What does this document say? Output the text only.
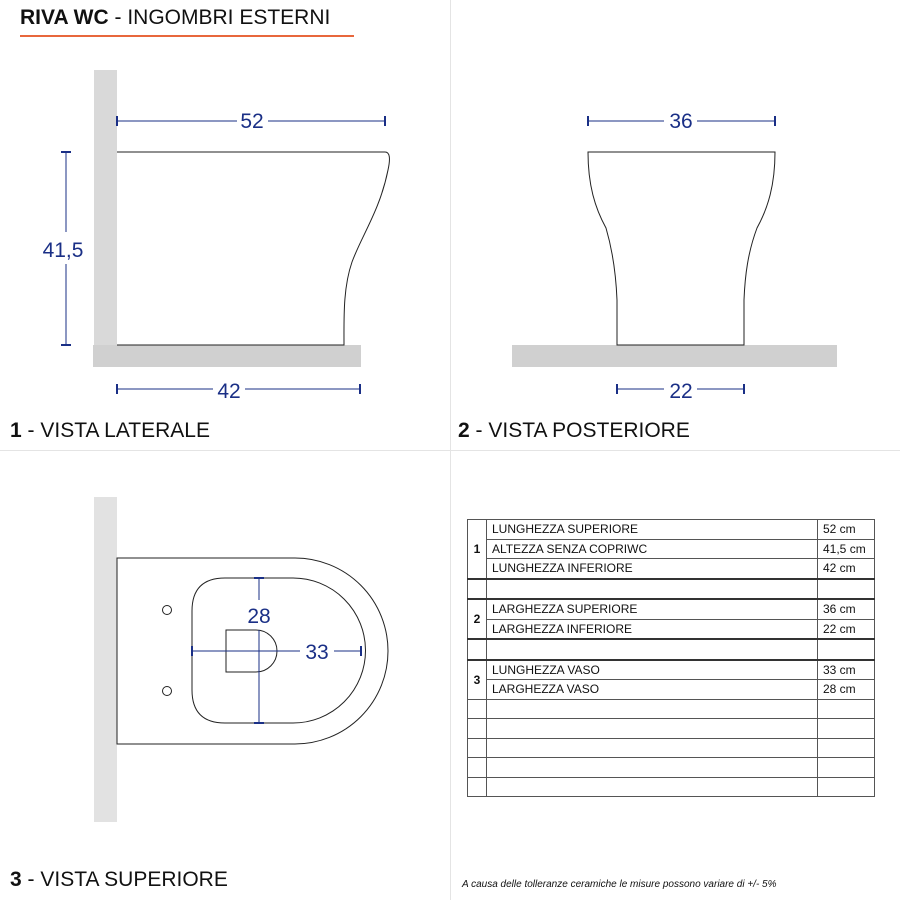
RIVA WC - INGOMBRI ESTERNI
52
41,5
42
36
22
28
33
1 - VISTA LATERALE	2 - VISTA POSTERIORE
3 - VISTA SUPERIORE
1	LUNGHEZZA SUPERIORE	52 cm
	ALTEZZA SENZA COPRIWC	41,5 cm
	LUNGHEZZA INFERIORE	42 cm

2	LARGHEZZA SUPERIORE	36 cm
	LARGHEZZA INFERIORE	22 cm

3	LUNGHEZZA VASO	33 cm
	LARGHEZZA VASO	28 cm

A causa delle tolleranze ceramiche le misure possono variare di +/- 5%
